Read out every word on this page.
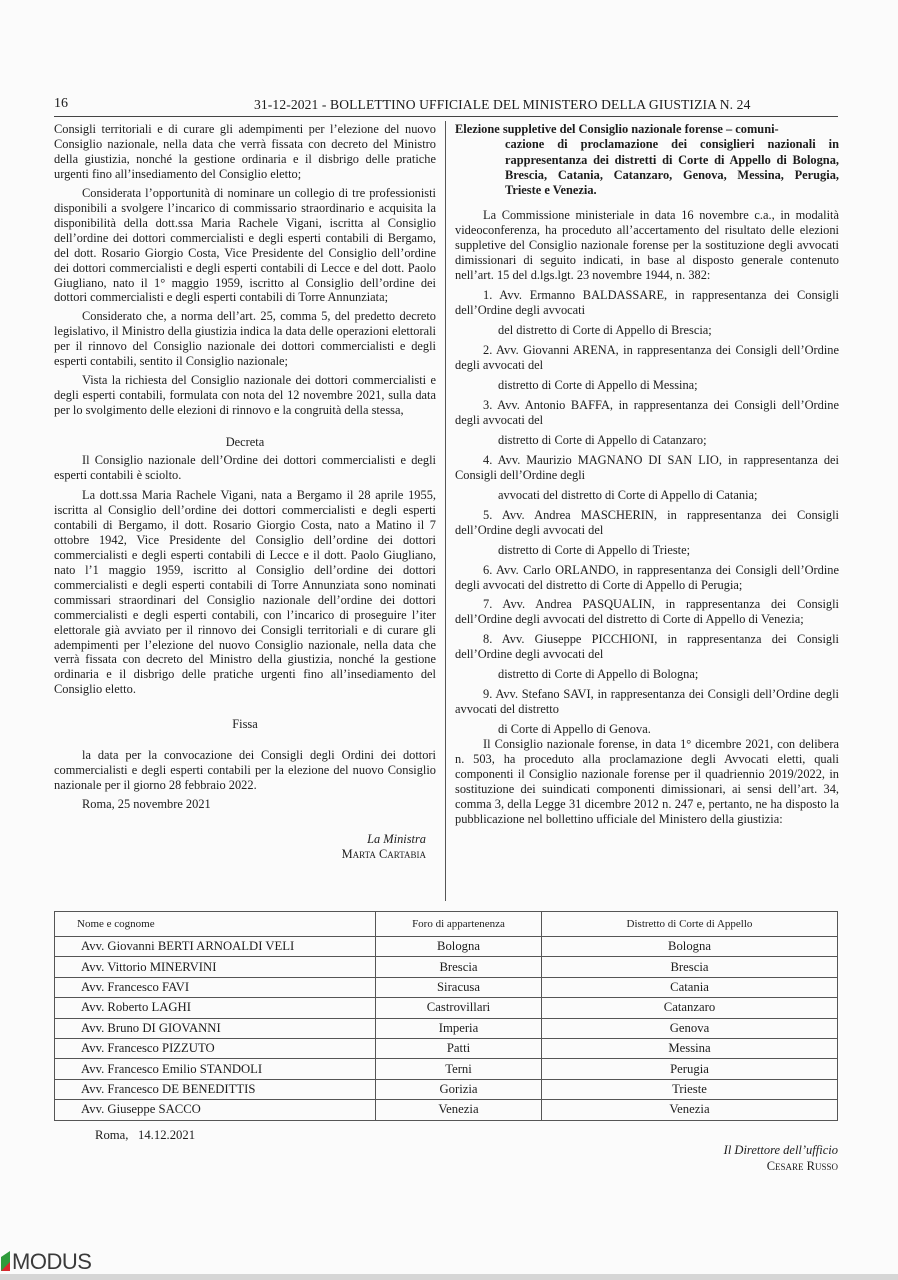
16	31-12-2021 - BOLLETTINO UFFICIALE DEL MINISTERO DELLA GIUSTIZIA N. 24

Consigli territoriali e di curare gli adempimenti per l’elezione del nuovo Consiglio nazionale, nella data che verrà fissata con decreto del Ministro della giustizia, nonché la gestione ordinaria e il disbrigo delle pratiche urgenti fino all’insediamento del Consiglio eletto;

Considerata l’opportunità di nominare un collegio di tre professionisti disponibili a svolgere l’incarico di commissario straordinario e acquisita la disponibilità della dott.ssa Maria Rachele Vigani, iscritta al Consiglio dell’ordine dei dottori commercialisti e degli esperti contabili di Bergamo, del dott. Rosario Giorgio Costa, Vice Presidente del Consiglio dell’ordine dei dottori commercialisti e degli esperti contabili di Lecce e del dott. Paolo Giugliano, nato il 1° maggio 1959, iscritto al Consiglio dell’ordine dei dottori commercialisti e degli esperti contabili di Torre Annunziata;

Considerato che, a norma dell’art. 25, comma 5, del predetto decreto legislativo, il Ministro della giustizia indica la data delle operazioni elettorali per il rinnovo del Consiglio nazionale dei dottori commercialisti e degli esperti contabili, sentito il Consiglio nazionale;

Vista la richiesta del Consiglio nazionale dei dottori commercialisti e degli esperti contabili, formulata con nota del 12 novembre 2021, sulla data per lo svolgimento delle elezioni di rinnovo e la congruità della stessa,

Decreta

Il Consiglio nazionale dell’Ordine dei dottori commercialisti e degli esperti contabili è sciolto.

La dott.ssa Maria Rachele Vigani, nata a Bergamo il 28 aprile 1955, iscritta al Consiglio dell’ordine dei dottori commercialisti e degli esperti contabili di Bergamo, il dott. Rosario Giorgio Costa, nato a Matino il 7 ottobre 1942, Vice Presidente del Consiglio dell’ordine dei dottori commercialisti e degli esperti contabili di Lecce e il dott. Paolo Giugliano, nato l’1 maggio 1959, iscritto al Consiglio dell’ordine dei dottori commercialisti e degli esperti contabili di Torre Annunziata sono nominati commissari straordinari del Consiglio nazionale dell’ordine dei dottori commercialisti e degli esperti contabili, con l’incarico di proseguire l’iter elettorale già avviato per il rinnovo dei Consigli territoriali e di curare gli adempimenti per l’elezione del nuovo Consiglio nazionale, nella data che verrà fissata con decreto del Ministro della giustizia, nonché la gestione ordinaria e il disbrigo delle pratiche urgenti fino all’insediamento del Consiglio eletto.

Fissa

la data per la convocazione dei Consigli degli Ordini dei dottori commercialisti e degli esperti contabili per la elezione del nuovo Consiglio nazionale per il giorno 28 febbraio 2022.

Roma, 25 novembre 2021

La Ministra

Marta Cartabia

Elezione suppletive del Consiglio nazionale forense – comuni-
cazione di proclamazione dei consiglieri nazionali in rappresentanza dei distretti di Corte di Appello di Bologna, Brescia, Catania, Catanzaro, Genova, Messina, Perugia, Trieste e Venezia.

La Commissione ministeriale in data 16 novembre c.a., in modalità videoconferenza, ha proceduto all’accertamento del risultato delle elezioni suppletive del Consiglio nazionale forense per la sostituzione degli avvocati dimissionari di seguito indicati, in base al disposto generale contenuto nell’art. 15 del d.lgs.lgt. 23 novembre 1944, n. 382:

1. Avv. Ermanno BALDASSARE, in rappresentanza dei Consigli dell’Ordine degli avvocati

del distretto di Corte di Appello di Brescia;

2. Avv. Giovanni ARENA, in rappresentanza dei Consigli dell’Ordine degli avvocati del

distretto di Corte di Appello di Messina;

3. Avv. Antonio BAFFA, in rappresentanza dei Consigli dell’Ordine degli avvocati del

distretto di Corte di Appello di Catanzaro;

4. Avv. Maurizio MAGNANO DI SAN LIO, in rappresentanza dei Consigli dell’Ordine degli

avvocati del distretto di Corte di Appello di Catania;

5. Avv. Andrea MASCHERIN, in rappresentanza dei Consigli dell’Ordine degli avvocati del

distretto di Corte di Appello di Trieste;

6. Avv. Carlo ORLANDO, in rappresentanza dei Consigli dell’Ordine degli avvocati del distretto di Corte di Appello di Perugia;

7. Avv. Andrea PASQUALIN, in rappresentanza dei Consigli dell’Ordine degli avvocati del distretto di Corte di Appello di Venezia;

8. Avv. Giuseppe PICCHIONI, in rappresentanza dei Consigli dell’Ordine degli avvocati del

distretto di Corte di Appello di Bologna;

9. Avv. Stefano SAVI, in rappresentanza dei Consigli dell’Ordine degli avvocati del distretto

di Corte di Appello di Genova.

Il Consiglio nazionale forense, in data 1° dicembre 2021, con delibera n. 503, ha proceduto alla proclamazione degli Avvocati eletti, quali componenti il Consiglio nazionale forense per il quadriennio 2019/2022, in sostituzione dei suindicati componenti dimissionari, ai sensi dell’art. 34, comma 3, della Legge 31 dicembre 2012 n. 247 e, pertanto, ne ha disposto la pubblicazione nel bollettino ufficiale del Ministero della giustizia:

Nome e cognome	Foro di appartenenza	Distretto di Corte di Appello
Avv. Giovanni BERTI ARNOALDI VELI	Bologna	Bologna
Avv. Vittorio MINERVINI	Brescia	Brescia
Avv. Francesco FAVI	Siracusa	Catania
Avv. Roberto LAGHI	Castrovillari	Catanzaro
Avv. Bruno DI GIOVANNI	Imperia	Genova
Avv. Francesco PIZZUTO	Patti	Messina
Avv. Francesco Emilio STANDOLI	Terni	Perugia
Avv. Francesco DE BENEDITTIS	Gorizia	Trieste
Avv. Giuseppe SACCO	Venezia	Venezia
Roma,   14.12.2021
Il Direttore dell’ufficio
Cesare Russo
MODUS
